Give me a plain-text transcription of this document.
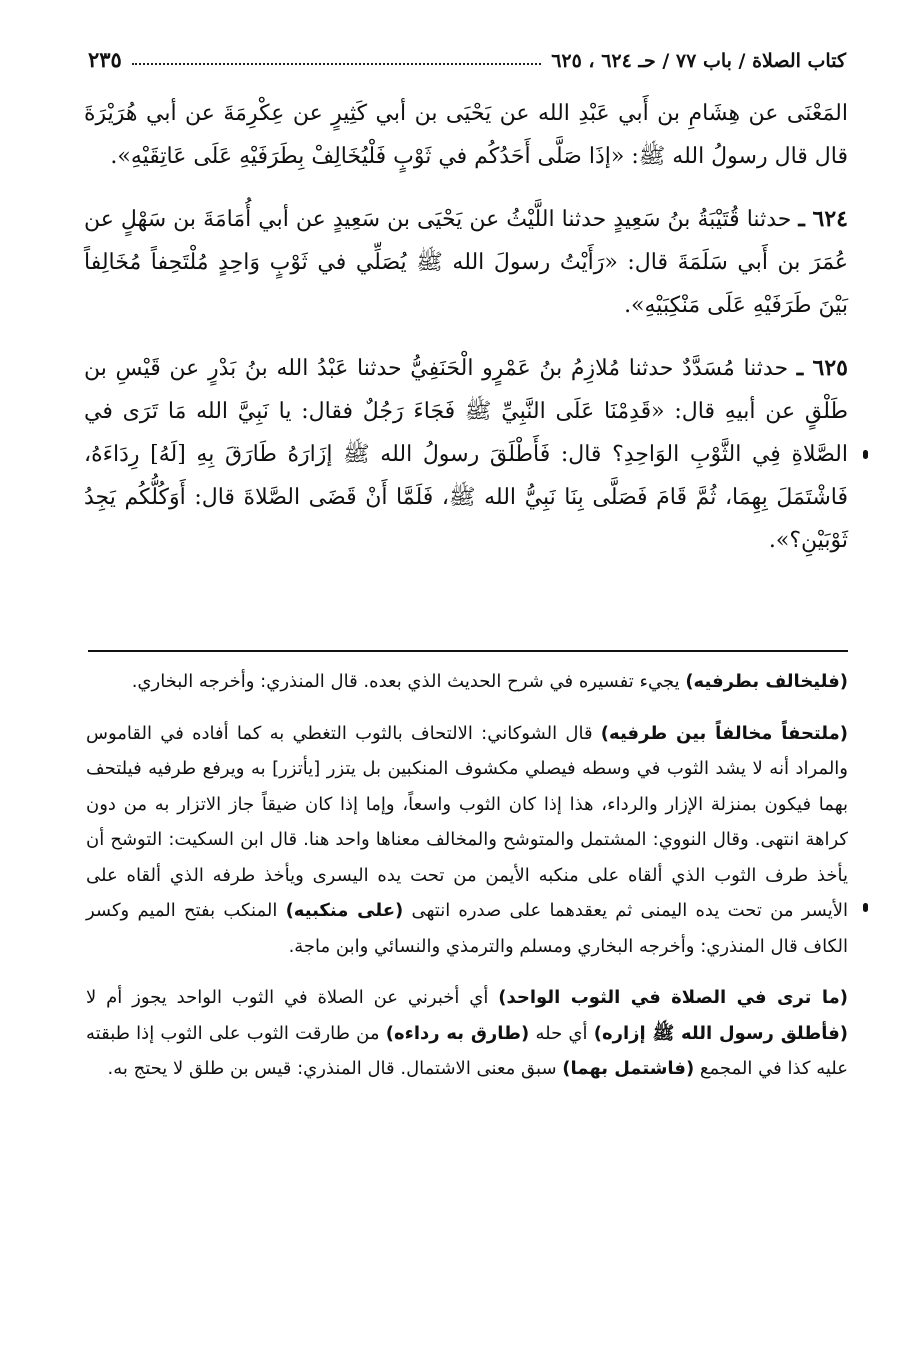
كتاب الصلاة / باب ٧٧ / حـ ٦٢٤ ، ٦٢٥
٢٣٥

المَعْنَى عن هِشَامِ بن أَبي عَبْدِ الله عن يَحْيَى بن أبي كَثِيرٍ عن عِكْرِمَةَ عن أبي هُرَيْرَةَ قال قال رسولُ الله ﷺ: «إذَا صَلَّى أَحَدُكُم في ثَوْبٍ فَلْيُخَالِفْ بِطَرَفَيْهِ عَلَى عَاتِقَيْهِ».

٦٢٤ ـ حدثنا قُتَيْبَةُ بنُ سَعِيدٍ حدثنا اللَّيْثُ عن يَحْيَى بن سَعِيدٍ عن أبي أُمَامَةَ بن سَهْلٍ عن عُمَرَ بن أَبي سَلَمَةَ قال: «رَأَيْتُ رسولَ الله ﷺ يُصَلِّي في ثَوْبٍ وَاحِدٍ مُلْتَحِفاً مُخَالِفاً بَيْنَ طَرَفَيْهِ عَلَى مَنْكِبَيْهِ».

٦٢٥ ـ حدثنا مُسَدَّدٌ حدثنا مُلازِمُ بنُ عَمْرٍو الْحَنَفِيُّ حدثنا عَبْدُ الله بنُ بَدْرٍ عن قَيْسِ بن طَلْقٍ عن أبيهِ قال: «قَدِمْنَا عَلَى النَّبِيِّ ﷺ فَجَاءَ رَجُلٌ فقال: يا نَبِيَّ الله مَا تَرَى في الصَّلاةِ فِي الثَّوْبِ الوَاحِدِ؟ قال: فَأَطْلَقَ رسولُ الله ﷺ إزَارَهُ طَارَقَ بِهِ [لَهُ] رِدَاءَهُ، فَاشْتَمَلَ بِهِمَا، ثُمَّ قَامَ فَصَلَّى بِنَا نَبِيُّ الله ﷺ، فَلَمَّا أَنْ قَضَى الصَّلاةَ قال: أَوَكُلُّكُم يَجِدُ ثَوْبَيْنِ؟».

(فليخالف بطرفيه) يجيء تفسيره في شرح الحديث الذي بعده. قال المنذري: وأخرجه البخاري.

(ملتحفاً مخالفاً بين طرفيه) قال الشوكاني: الالتحاف بالثوب التغطي به كما أفاده في القاموس والمراد أنه لا يشد الثوب في وسطه فيصلي مكشوف المنكبين بل يتزر [يأتزر] به ويرفع طرفيه فيلتحف بهما فيكون بمنزلة الإزار والرداء، هذا إذا كان الثوب واسعاً، وإما إذا كان ضيقاً جاز الاتزار به من دون كراهة انتهى. وقال النووي: المشتمل والمتوشح والمخالف معناها واحد هنا. قال ابن السكيت: التوشح أن يأخذ طرف الثوب الذي ألقاه على منكبه الأيمن من تحت يده اليسرى ويأخذ طرفه الذي ألقاه على الأيسر من تحت يده اليمنى ثم يعقدهما على صدره انتهى (على منكبيه) المنكب بفتح الميم وكسر الكاف قال المنذري: وأخرجه البخاري ومسلم والترمذي والنسائي وابن ماجة.

(ما ترى في الصلاة في الثوب الواحد) أي أخبرني عن الصلاة في الثوب الواحد يجوز أم لا (فأطلق رسول الله ﷺ إزاره) أي حله (طارق به رداءه) من طارقت الثوب على الثوب إذا طبقته عليه كذا في المجمع (فاشتمل بهما) سبق معنى الاشتمال. قال المنذري: قيس بن طلق لا يحتج به.
